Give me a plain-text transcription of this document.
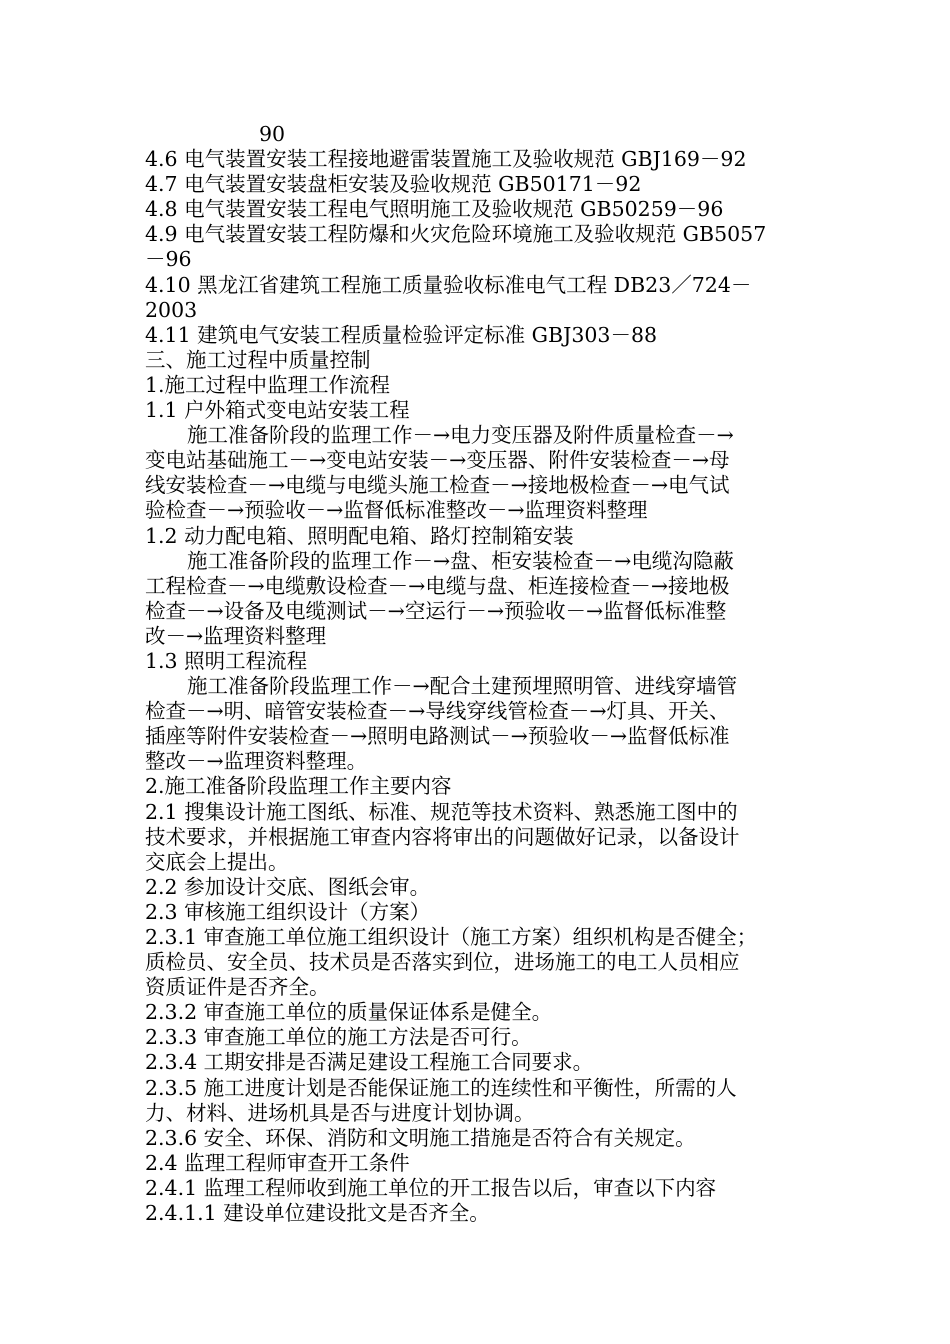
90
4.6 电气装置安装工程接地避雷装置施工及验收规范 GBJ169－92
4.7 电气装置安装盘柜安装及验收规范 GB50171－92
4.8 电气装置安装工程电气照明施工及验收规范 GB50259－96
4.9 电气装置安装工程防爆和火灾危险环境施工及验收规范 GB5057
－96
4.10 黑龙江省建筑工程施工质量验收标准电气工程 DB23／724－
2003
4.11 建筑电气安装工程质量检验评定标准 GBJ303－88
三、施工过程中质量控制
1.施工过程中监理工作流程
1.1 户外箱式变电站安装工程
施工准备阶段的监理工作－→电力变压器及附件质量检查－→
变电站基础施工－→变电站安装－→变压器、附件安装检查－→母
线安装检查－→电缆与电缆头施工检查－→接地极检查－→电气试
验检查－→预验收－→监督低标准整改－→监理资料整理
1.2 动力配电箱、照明配电箱、路灯控制箱安装
施工准备阶段的监理工作－→盘、柜安装检查－→电缆沟隐蔽
工程检查－→电缆敷设检查－→电缆与盘、柜连接检查－→接地极
检查－→设备及电缆测试－→空运行－→预验收－→监督低标准整
改－→监理资料整理
1.3 照明工程流程
施工准备阶段监理工作－→配合土建预埋照明管、进线穿墙管
检查－→明、暗管安装检查－→导线穿线管检查－→灯具、开关、
插座等附件安装检查－→照明电路测试－→预验收－→监督低标准
整改－→监理资料整理。
2.施工准备阶段监理工作主要内容
2.1 搜集设计施工图纸、标准、规范等技术资料、熟悉施工图中的
技术要求，并根据施工审查内容将审出的问题做好记录，以备设计
交底会上提出。
2.2 参加设计交底、图纸会审。
2.3 审核施工组织设计（方案）
2.3.1 审查施工单位施工组织设计（施工方案）组织机构是否健全；
质检员、安全员、技术员是否落实到位，进场施工的电工人员相应
资质证件是否齐全。
2.3.2 审查施工单位的质量保证体系是健全。
2.3.3 审查施工单位的施工方法是否可行。
2.3.4 工期安排是否满足建设工程施工合同要求。
2.3.5 施工进度计划是否能保证施工的连续性和平衡性，所需的人
力、材料、进场机具是否与进度计划协调。
2.3.6 安全、环保、消防和文明施工措施是否符合有关规定。
2.4 监理工程师审查开工条件
2.4.1 监理工程师收到施工单位的开工报告以后，审查以下内容
2.4.1.1 建设单位建设批文是否齐全。
